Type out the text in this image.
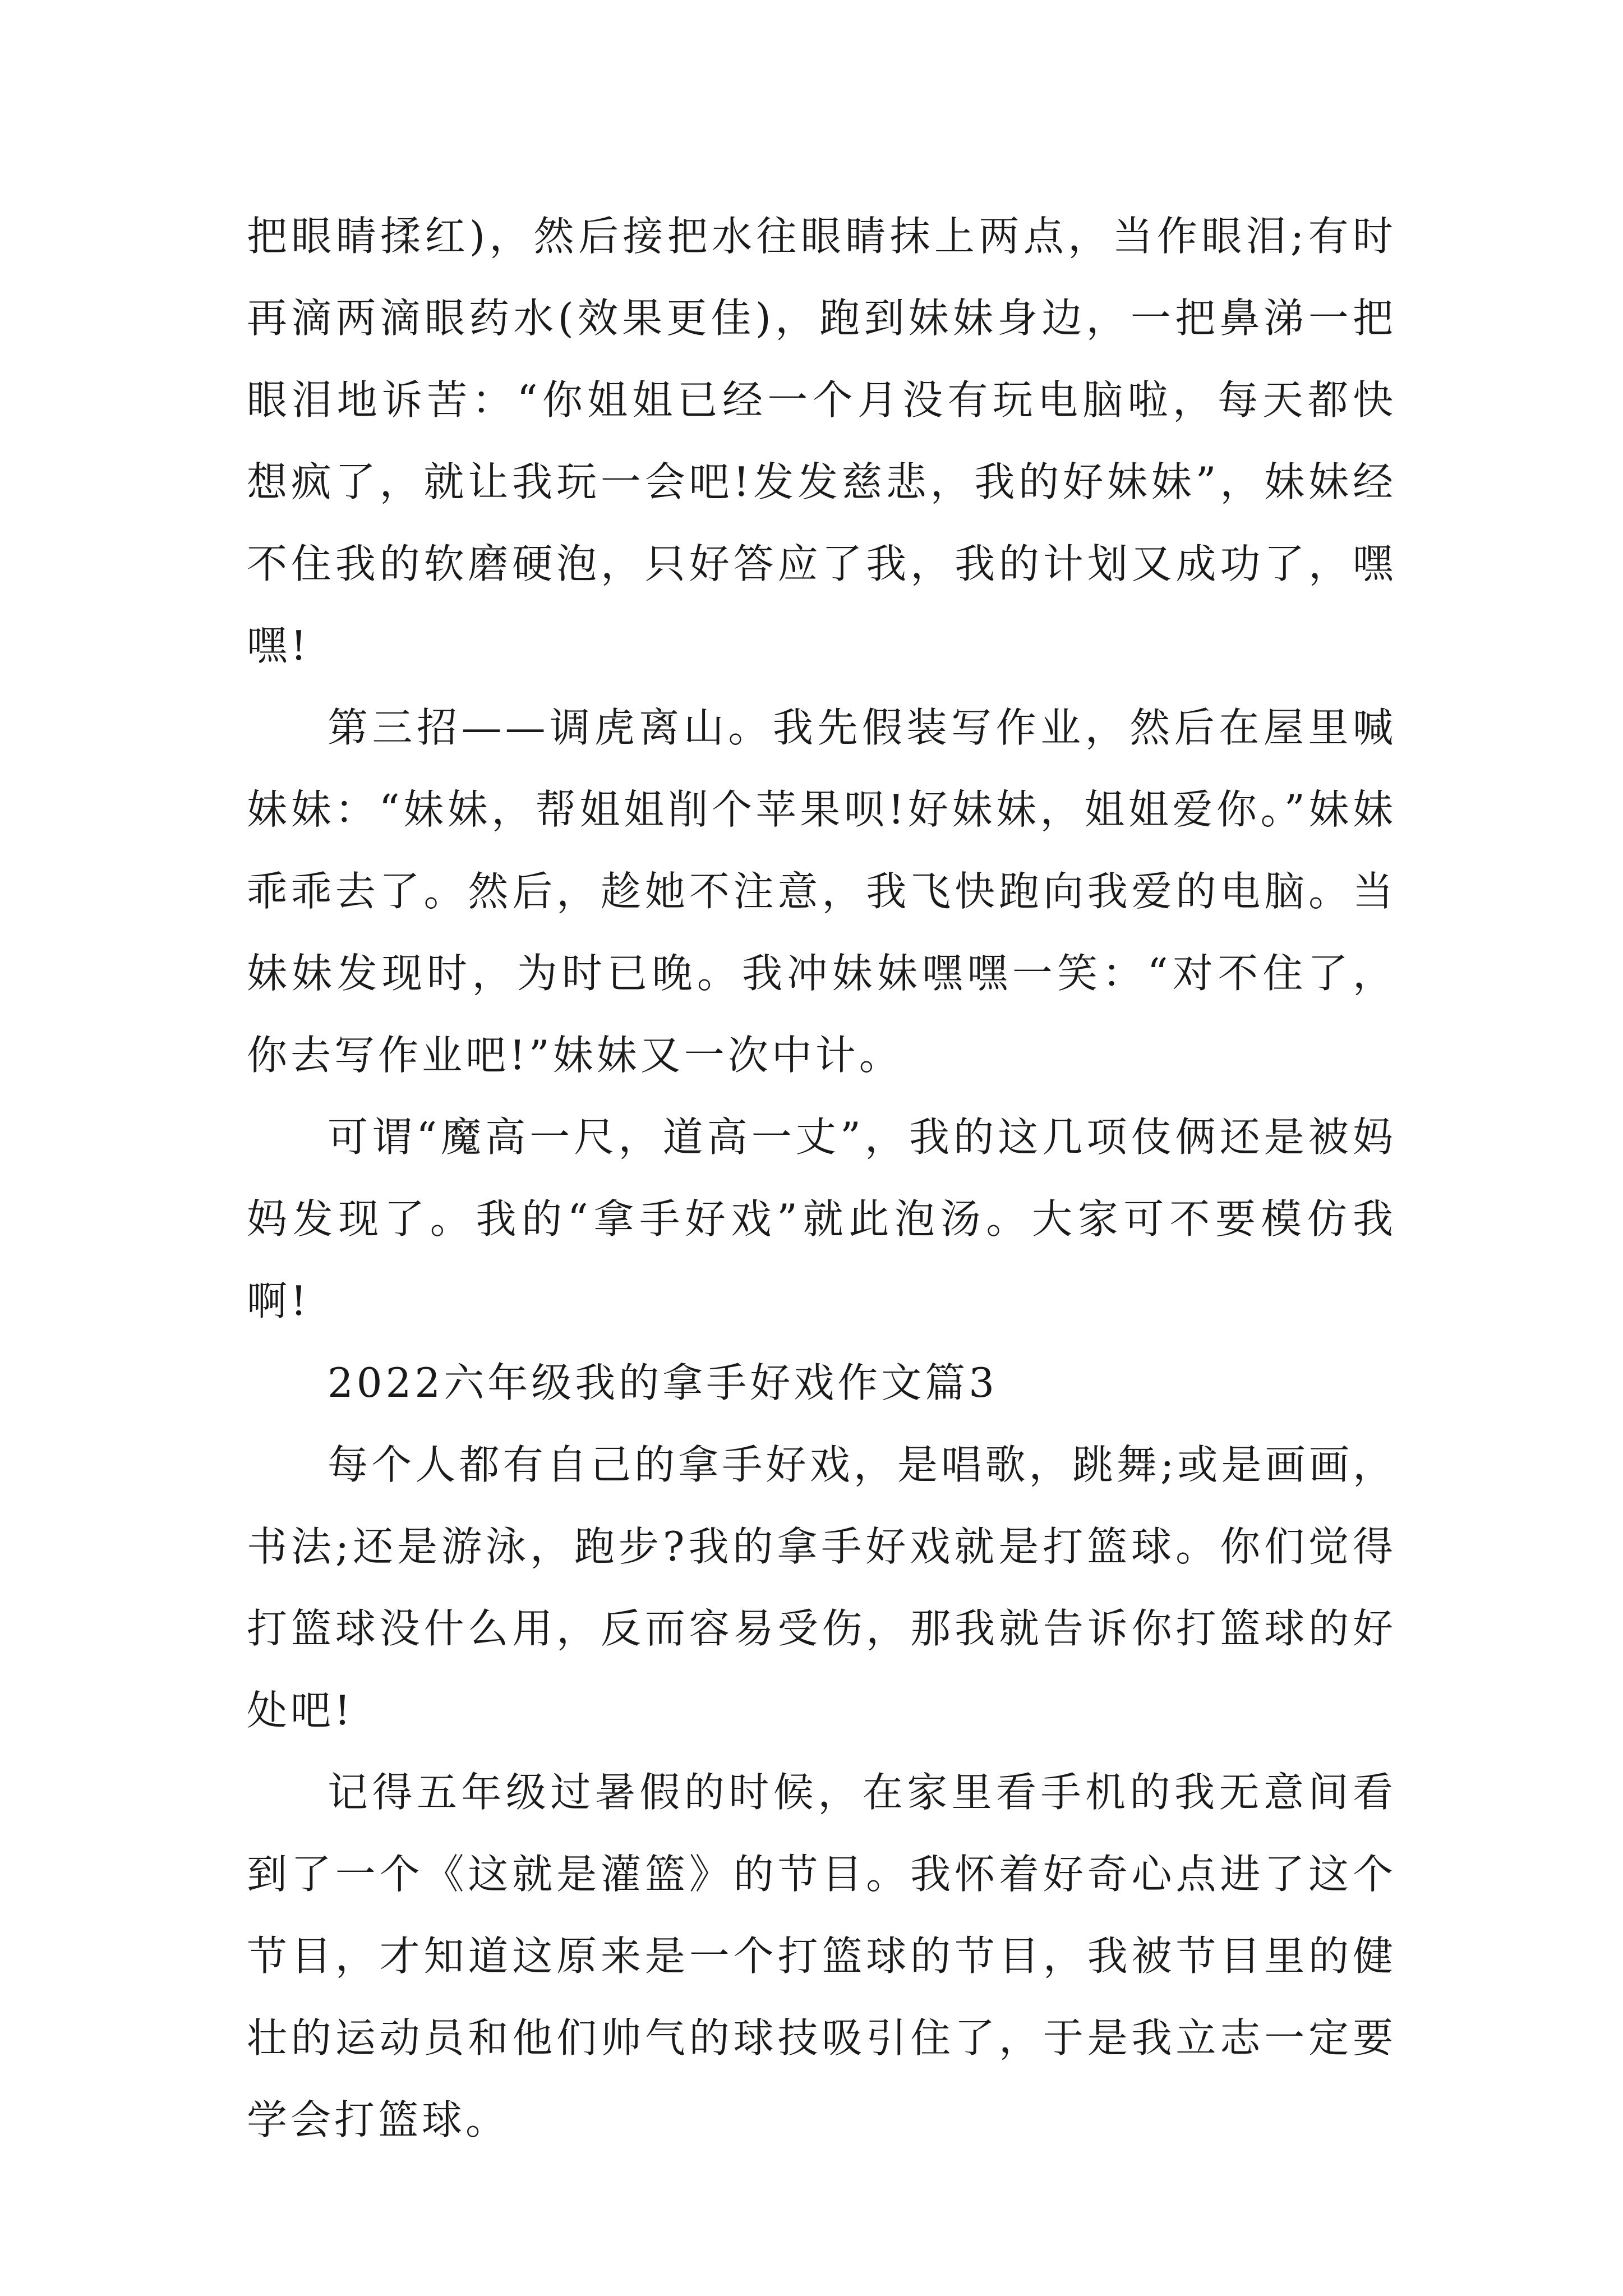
把眼睛揉红)，然后接把水往眼睛抹上两点，当作眼泪;有时再滴两滴眼药水(效果更佳)，跑到妹妹身边，一把鼻涕一把眼泪地诉苦：“你姐姐已经一个月没有玩电脑啦，每天都快想疯了，就让我玩一会吧!发发慈悲，我的好妹妹”，妹妹经不住我的软磨硬泡，只好答应了我，我的计划又成功了，嘿嘿!

第三招——调虎离山。我先假装写作业，然后在屋里喊妹妹：“妹妹，帮姐姐削个苹果呗!好妹妹，姐姐爱你。”妹妹乖乖去了。然后，趁她不注意，我飞快跑向我爱的电脑。当妹妹发现时，为时已晚。我冲妹妹嘿嘿一笑：“对不住了，你去写作业吧!”妹妹又一次中计。

可谓“魔高一尺，道高一丈”，我的这几项伎俩还是被妈妈发现了。我的“拿手好戏”就此泡汤。大家可不要模仿我啊!

2022六年级我的拿手好戏作文篇3

每个人都有自己的拿手好戏，是唱歌，跳舞;或是画画，书法;还是游泳，跑步?我的拿手好戏就是打篮球。你们觉得打篮球没什么用，反而容易受伤，那我就告诉你打篮球的好处吧!

记得五年级过暑假的时候，在家里看手机的我无意间看到了一个《这就是灌篮》的节目。我怀着好奇心点进了这个节目，才知道这原来是一个打篮球的节目，我被节目里的健壮的运动员和他们帅气的球技吸引住了，于是我立志一定要学会打篮球。
